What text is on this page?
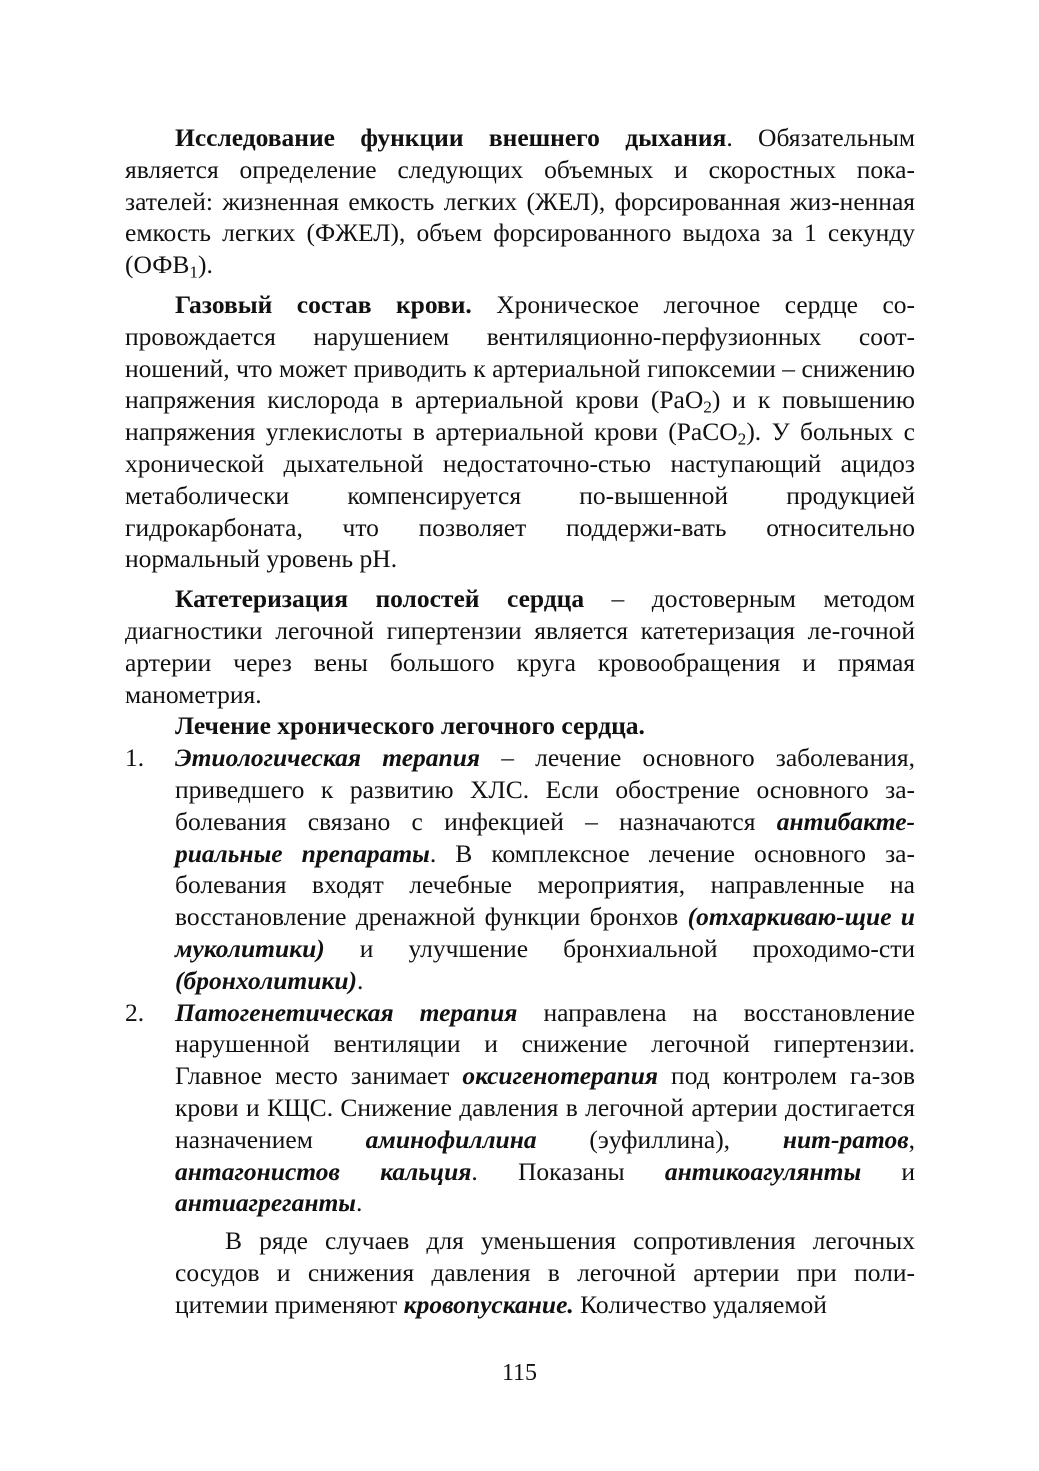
Исследование функции внешнего дыхания. Обязательным является определение следующих объемных и скоростных пока-зателей: жизненная емкость легких (ЖЕЛ), форсированная жиз-ненная емкость легких (ФЖЕЛ), объем форсированного выдоха за 1 секунду $(ОФВ_1)$.

Газовый состав крови. Хроническое легочное сердце со-провождается нарушением вентиляционно-перфузионных соот-ношений, что может приводить к артериальной гипоксемии – снижению напряжения кислорода в артериальной крови (PaO$_2$) и к повышению напряжения углекислоты в артериальной крови (PaCO$_2$). У больных с хронической дыхательной недостаточно-стью наступающий ацидоз метаболически компенсируется по-вышенной продукцией гидрокарбоната, что позволяет поддержи-вать относительно нормальный уровень pH.

Катетеризация полостей сердца – достоверным методом диагностики легочной гипертензии является катетеризация ле-гочной артерии через вены большого круга кровообращения и прямая манометрия.

Лечение хронического легочного сердца.
1. Этиологическая терапия – лечение основного заболевания, приведшего к развитию ХЛС. Если обострение основного за-болевания связано с инфекцией – назначаются антибакте-риальные препараты. В комплексное лечение основного за-болевания входят лечебные мероприятия, направленные на восстановление дренажной функции бронхов (отхаркиваю-щие и муколитики) и улучшение бронхиальной проходимо-сти (бронхолитики).
2. Патогенетическая терапия направлена на восстановление нарушенной вентиляции и снижение легочной гипертензии. Главное место занимает оксигенотерапия под контролем га-зов крови и КЩС. Снижение давления в легочной артерии достигается назначением аминофиллина (эуфиллина), нит-ратов, антагонистов кальция. Показаны антикоагулянты и антиагреганты.

В ряде случаев для уменьшения сопротивления легочных сосудов и снижения давления в легочной артерии при поли-цитемии применяют кровопускание. Количество удаляемой

115
